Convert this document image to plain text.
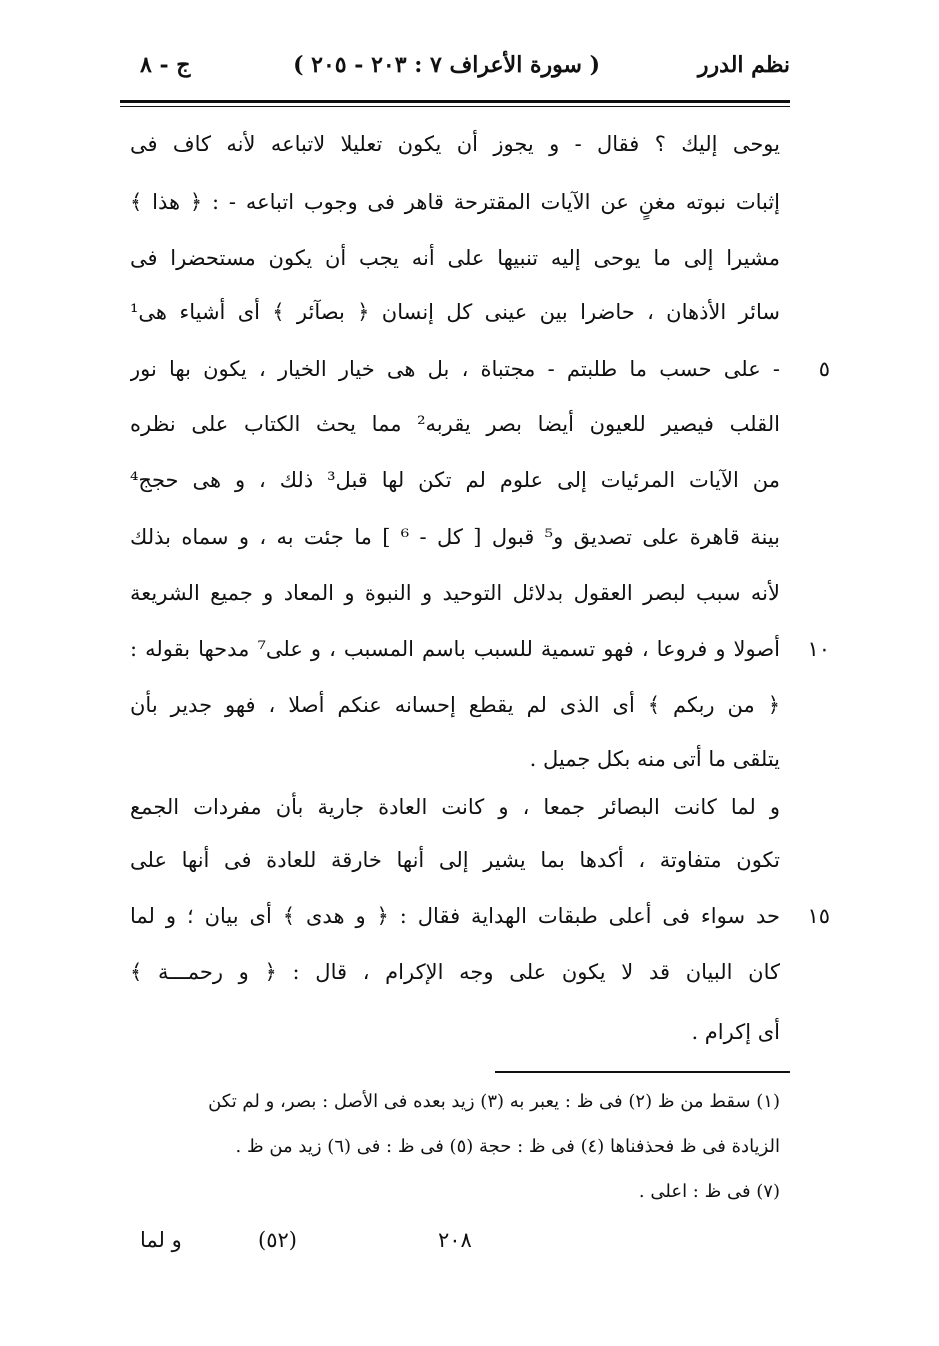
نظم الدرر
( سورة الأعراف ٧ : ٢٠٣ - ٢٠٥ )
ج - ٨
يوحى إليك ؟ فقال - و يجوز أن يكون تعليلا لاتباعه لأنه كاف فى
إثبات نبوته مغنٍ عن الآيات المقترحة قاهر فى وجوب اتباعه - : ﴿ هذا ﴾
مشيرا إلى ما يوحى إليه تنبيها على أنه يجب أن يكون مستحضرا فى
سائر الأذهان ، حاضرا بين عينى كل إنسان ﴿ بصآئر ﴾ أى أشياء هى¹
- على حسب ما طلبتم - مجتباة ، بل هى خيار الخيار ، يكون بها نور
القلب فيصير للعيون أيضا بصر يقربه² مما يحث الكتاب على نظره
من الآيات المرئيات إلى علوم لم تكن لها قبل³ ذلك ، و هى حجج⁴
بينة قاهرة على تصديق و⁵ قبول [ كل - ⁶ ] ما جئت به ، و سماه بذلك
لأنه سبب لبصر العقول بدلائل التوحيد و النبوة و المعاد و جميع الشريعة
أصولا و فروعا ، فهو تسمية للسبب باسم المسبب ، و على⁷ مدحها بقوله :
﴿ من ربكم ﴾ أى الذى لم يقطع إحسانه عنكم أصلا ، فهو جدير بأن
يتلقى ما أتى منه بكل جميل .
و لما كانت البصائر جمعا ، و كانت العادة جارية بأن مفردات الجمع
تكون متفاوتة ، أكدها بما يشير إلى أنها خارقة للعادة فى أنها على
حد سواء فى أعلى طبقات الهداية فقال : ﴿ و هدى ﴾ أى بيان ؛ و لما
كان البيان قد لا يكون على وجه الإكرام ، قال : ﴿ و رحمـــة ﴾
أى إكرام .
٥
١٠
١٥
(١) سقط من ظ (٢) فى ظ : يعبر به (٣) زيد بعده فى الأصل : بصر، و لم تكن
الزيادة فى ظ فحذفناها (٤) فى ظ : حجة (٥) فى ظ : فى (٦) زيد من ظ .
(٧) فى ظ : اعلى .
و لما	(٥٢)	٢٠٨
